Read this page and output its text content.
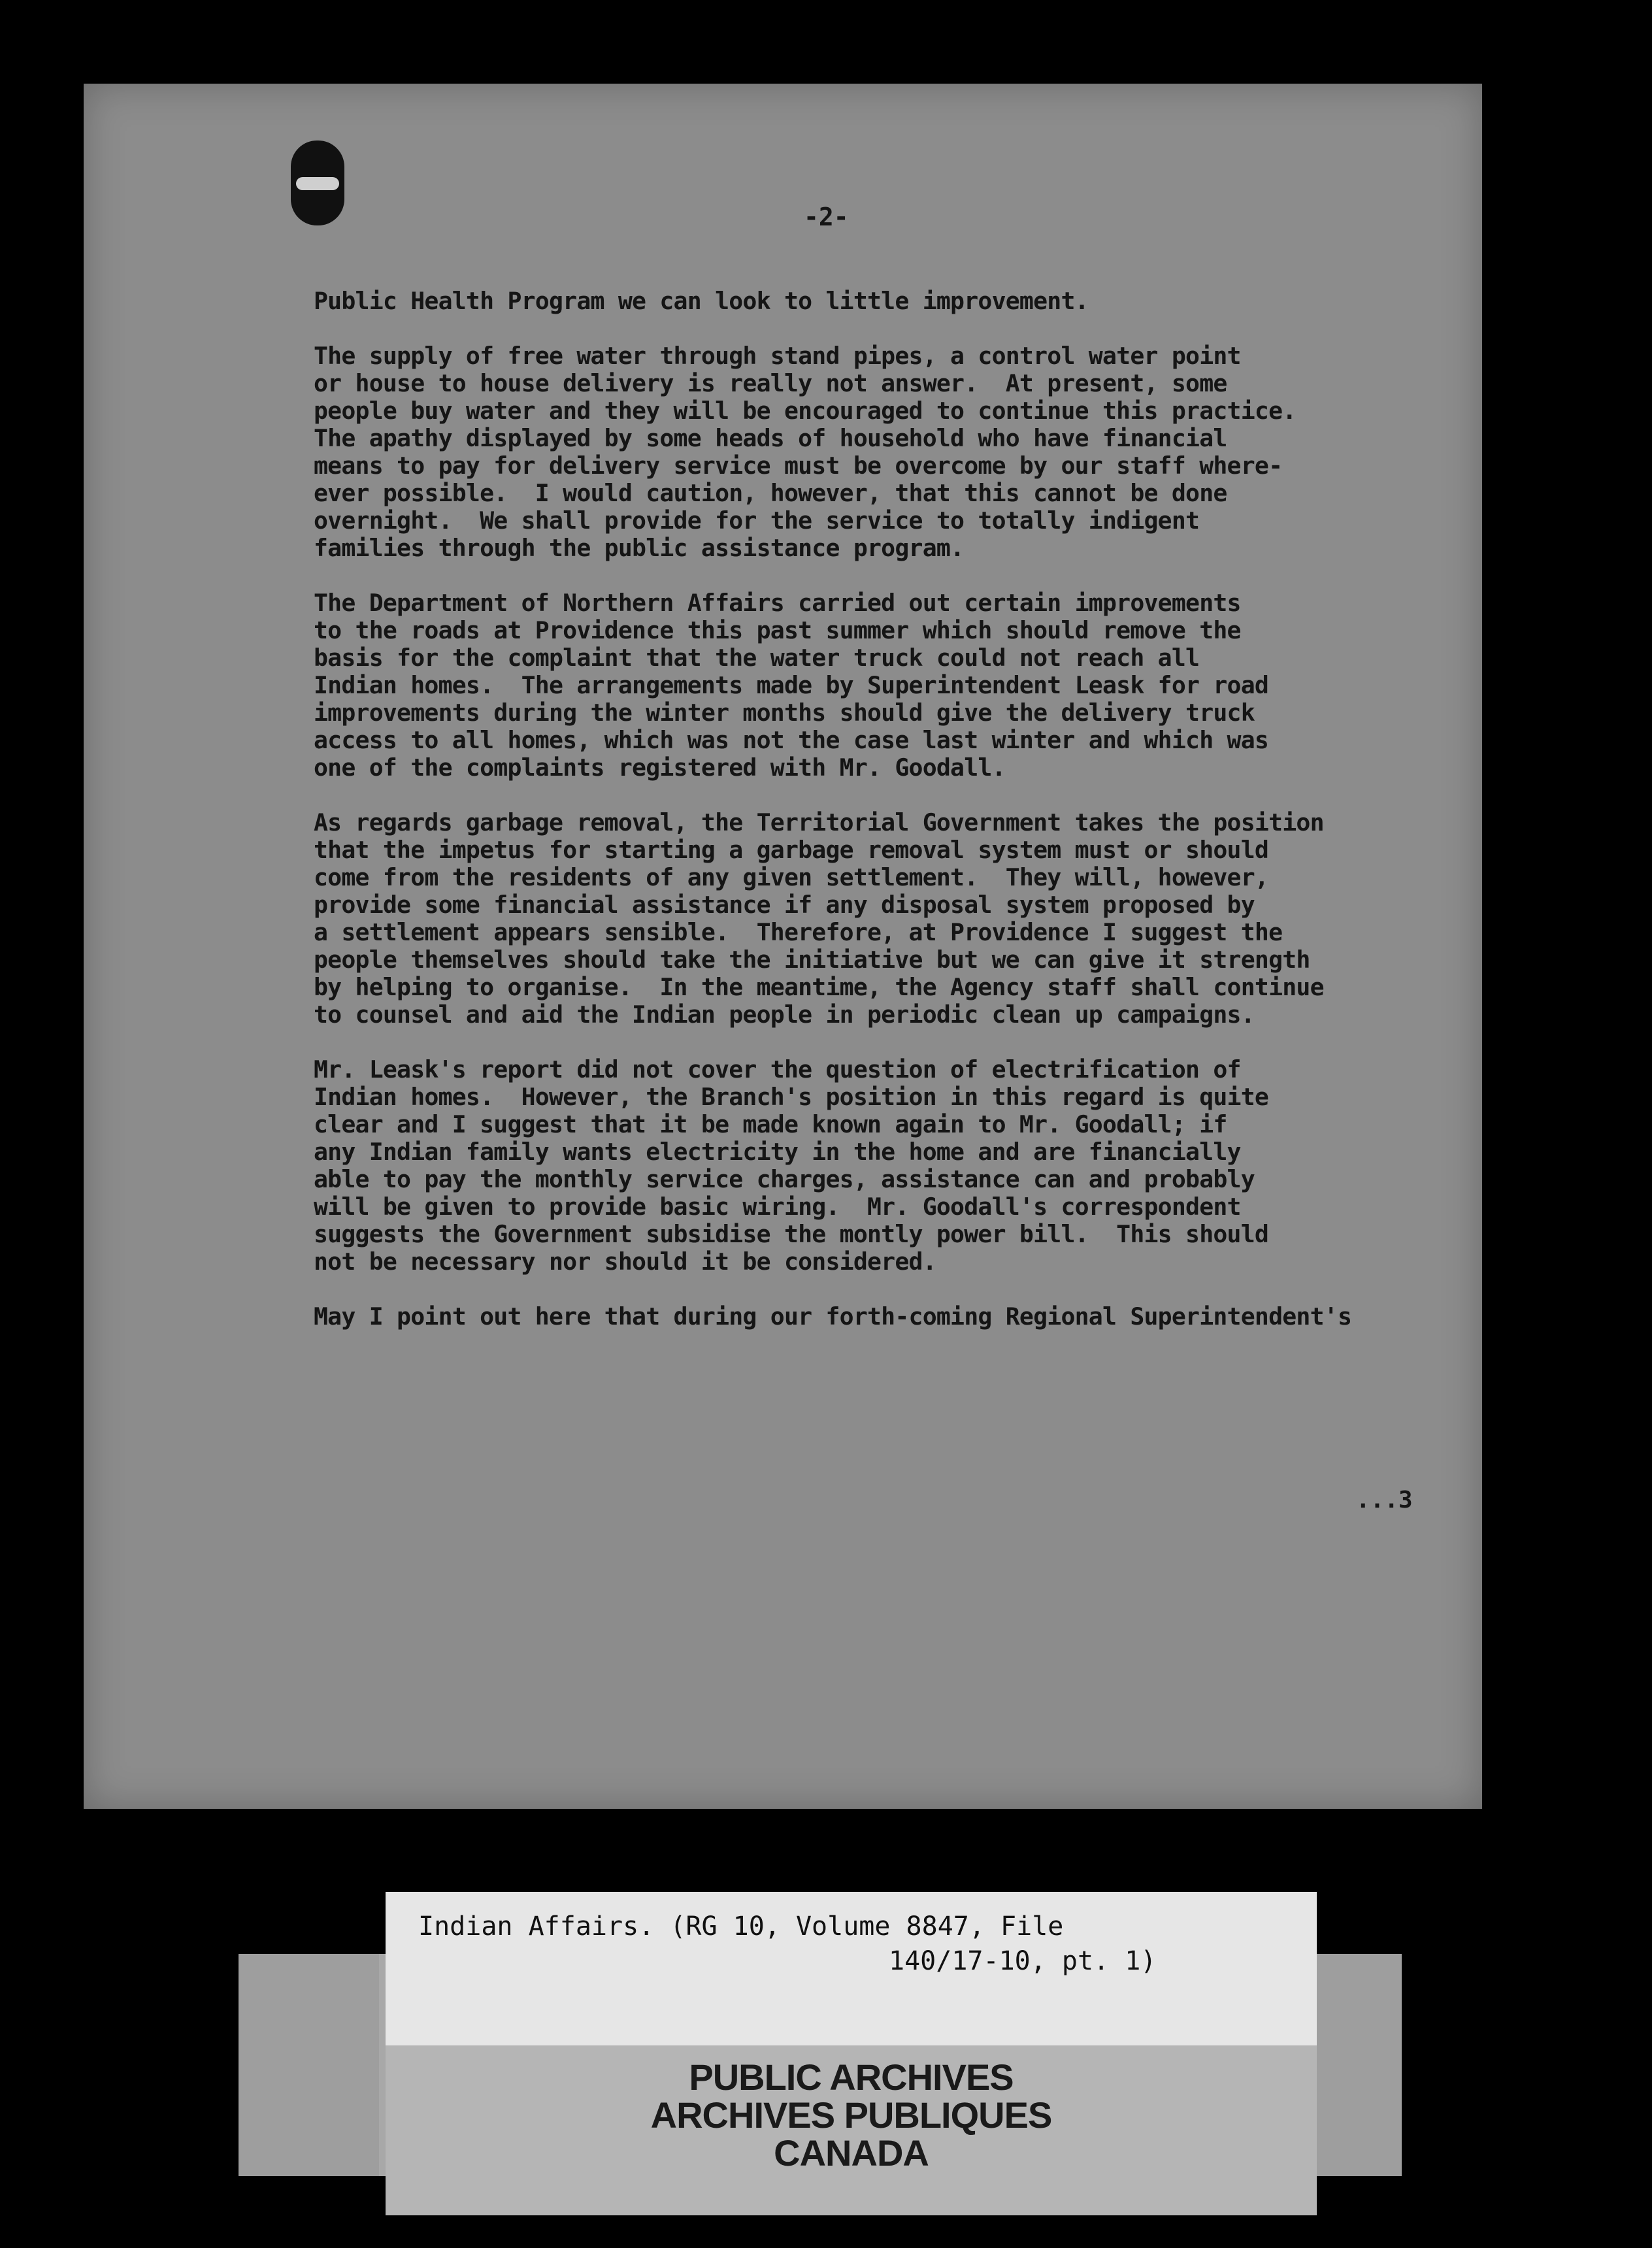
-2-
Public Health Program we can look to little improvement.
The supply of free water through stand pipes, a control water point
or house to house delivery is really not answer.  At present, some
people buy water and they will be encouraged to continue this practice.
The apathy displayed by some heads of household who have financial
means to pay for delivery service must be overcome by our staff where-
ever possible.  I would caution, however, that this cannot be done
overnight.  We shall provide for the service to totally indigent
families through the public assistance program.
The Department of Northern Affairs carried out certain improvements
to the roads at Providence this past summer which should remove the
basis for the complaint that the water truck could not reach all
Indian homes.  The arrangements made by Superintendent Leask for road
improvements during the winter months should give the delivery truck
access to all homes, which was not the case last winter and which was
one of the complaints registered with Mr. Goodall.
As regards garbage removal, the Territorial Government takes the position
that the impetus for starting a garbage removal system must or should
come from the residents of any given settlement.  They will, however,
provide some financial assistance if any disposal system proposed by
a settlement appears sensible.  Therefore, at Providence I suggest the
people themselves should take the initiative but we can give it strength
by helping to organise.  In the meantime, the Agency staff shall continue
to counsel and aid the Indian people in periodic clean up campaigns.
Mr. Leask's report did not cover the question of electrification of
Indian homes.  However, the Branch's position in this regard is quite
clear and I suggest that it be made known again to Mr. Goodall; if
any Indian family wants electricity in the home and are financially
able to pay the monthly service charges, assistance can and probably
will be given to provide basic wiring.  Mr. Goodall's correspondent
suggests the Government subsidise the montly power bill.  This should
not be necessary nor should it be considered.
May I point out here that during our forth-coming Regional Superintendent's
...3
Indian Affairs. (RG 10, Volume 8847, File
140/17-10, pt. 1)
PUBLIC ARCHIVES
ARCHIVES PUBLIQUES
CANADA
